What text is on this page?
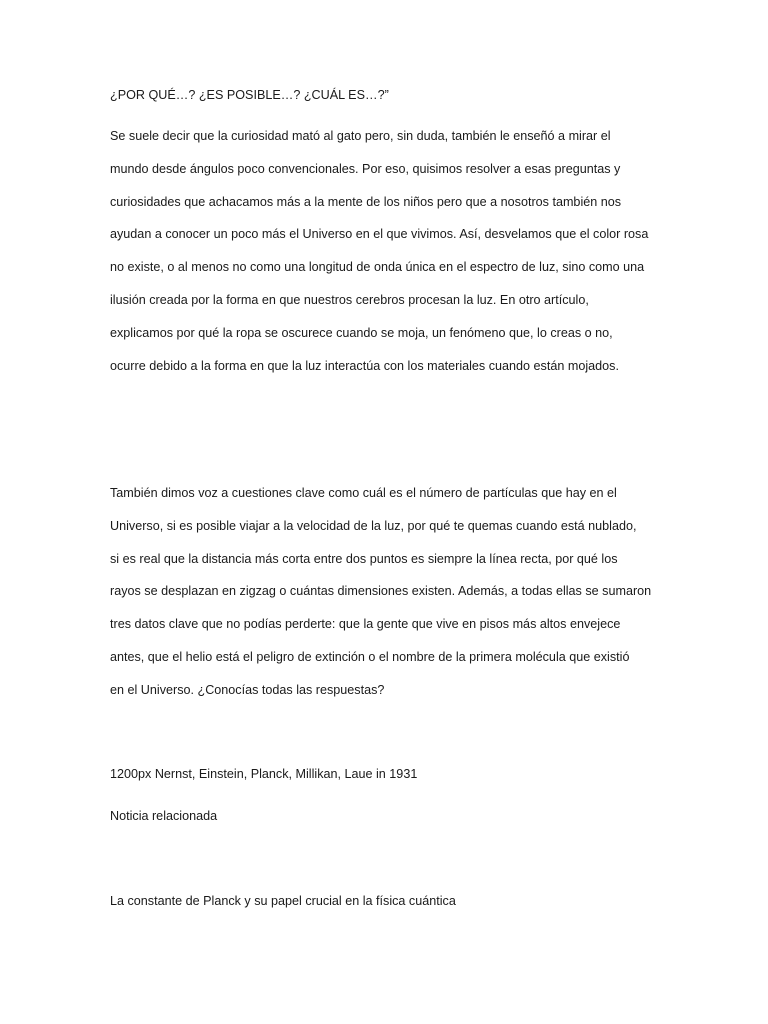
¿POR QUÉ…? ¿ES POSIBLE…? ¿CUÁL ES…?”

Se suele decir que la curiosidad mató al gato pero, sin duda, también le enseñó a mirar el
mundo desde ángulos poco convencionales. Por eso, quisimos resolver a esas preguntas y
curiosidades que achacamos más a la mente de los niños pero que a nosotros también nos
ayudan a conocer un poco más el Universo en el que vivimos. Así, desvelamos que el color rosa
no existe, o al menos no como una longitud de onda única en el espectro de luz, sino como una
ilusión creada por la forma en que nuestros cerebros procesan la luz. En otro artículo,
explicamos por qué la ropa se oscurece cuando se moja, un fenómeno que, lo creas o no,
ocurre debido a la forma en que la luz interactúa con los materiales cuando están mojados.
También dimos voz a cuestiones clave como cuál es el número de partículas que hay en el
Universo, si es posible viajar a la velocidad de la luz, por qué te quemas cuando está nublado,
si es real que la distancia más corta entre dos puntos es siempre la línea recta, por qué los
rayos se desplazan en zigzag o cuántas dimensiones existen. Además, a todas ellas se sumaron
tres datos clave que no podías perderte: que la gente que vive en pisos más altos envejece
antes, que el helio está el peligro de extinción o el nombre de la primera molécula que existió
en el Universo. ¿Conocías todas las respuestas?

1200px Nernst, Einstein, Planck, Millikan, Laue in 1931

Noticia relacionada

La constante de Planck y su papel crucial en la física cuántica
